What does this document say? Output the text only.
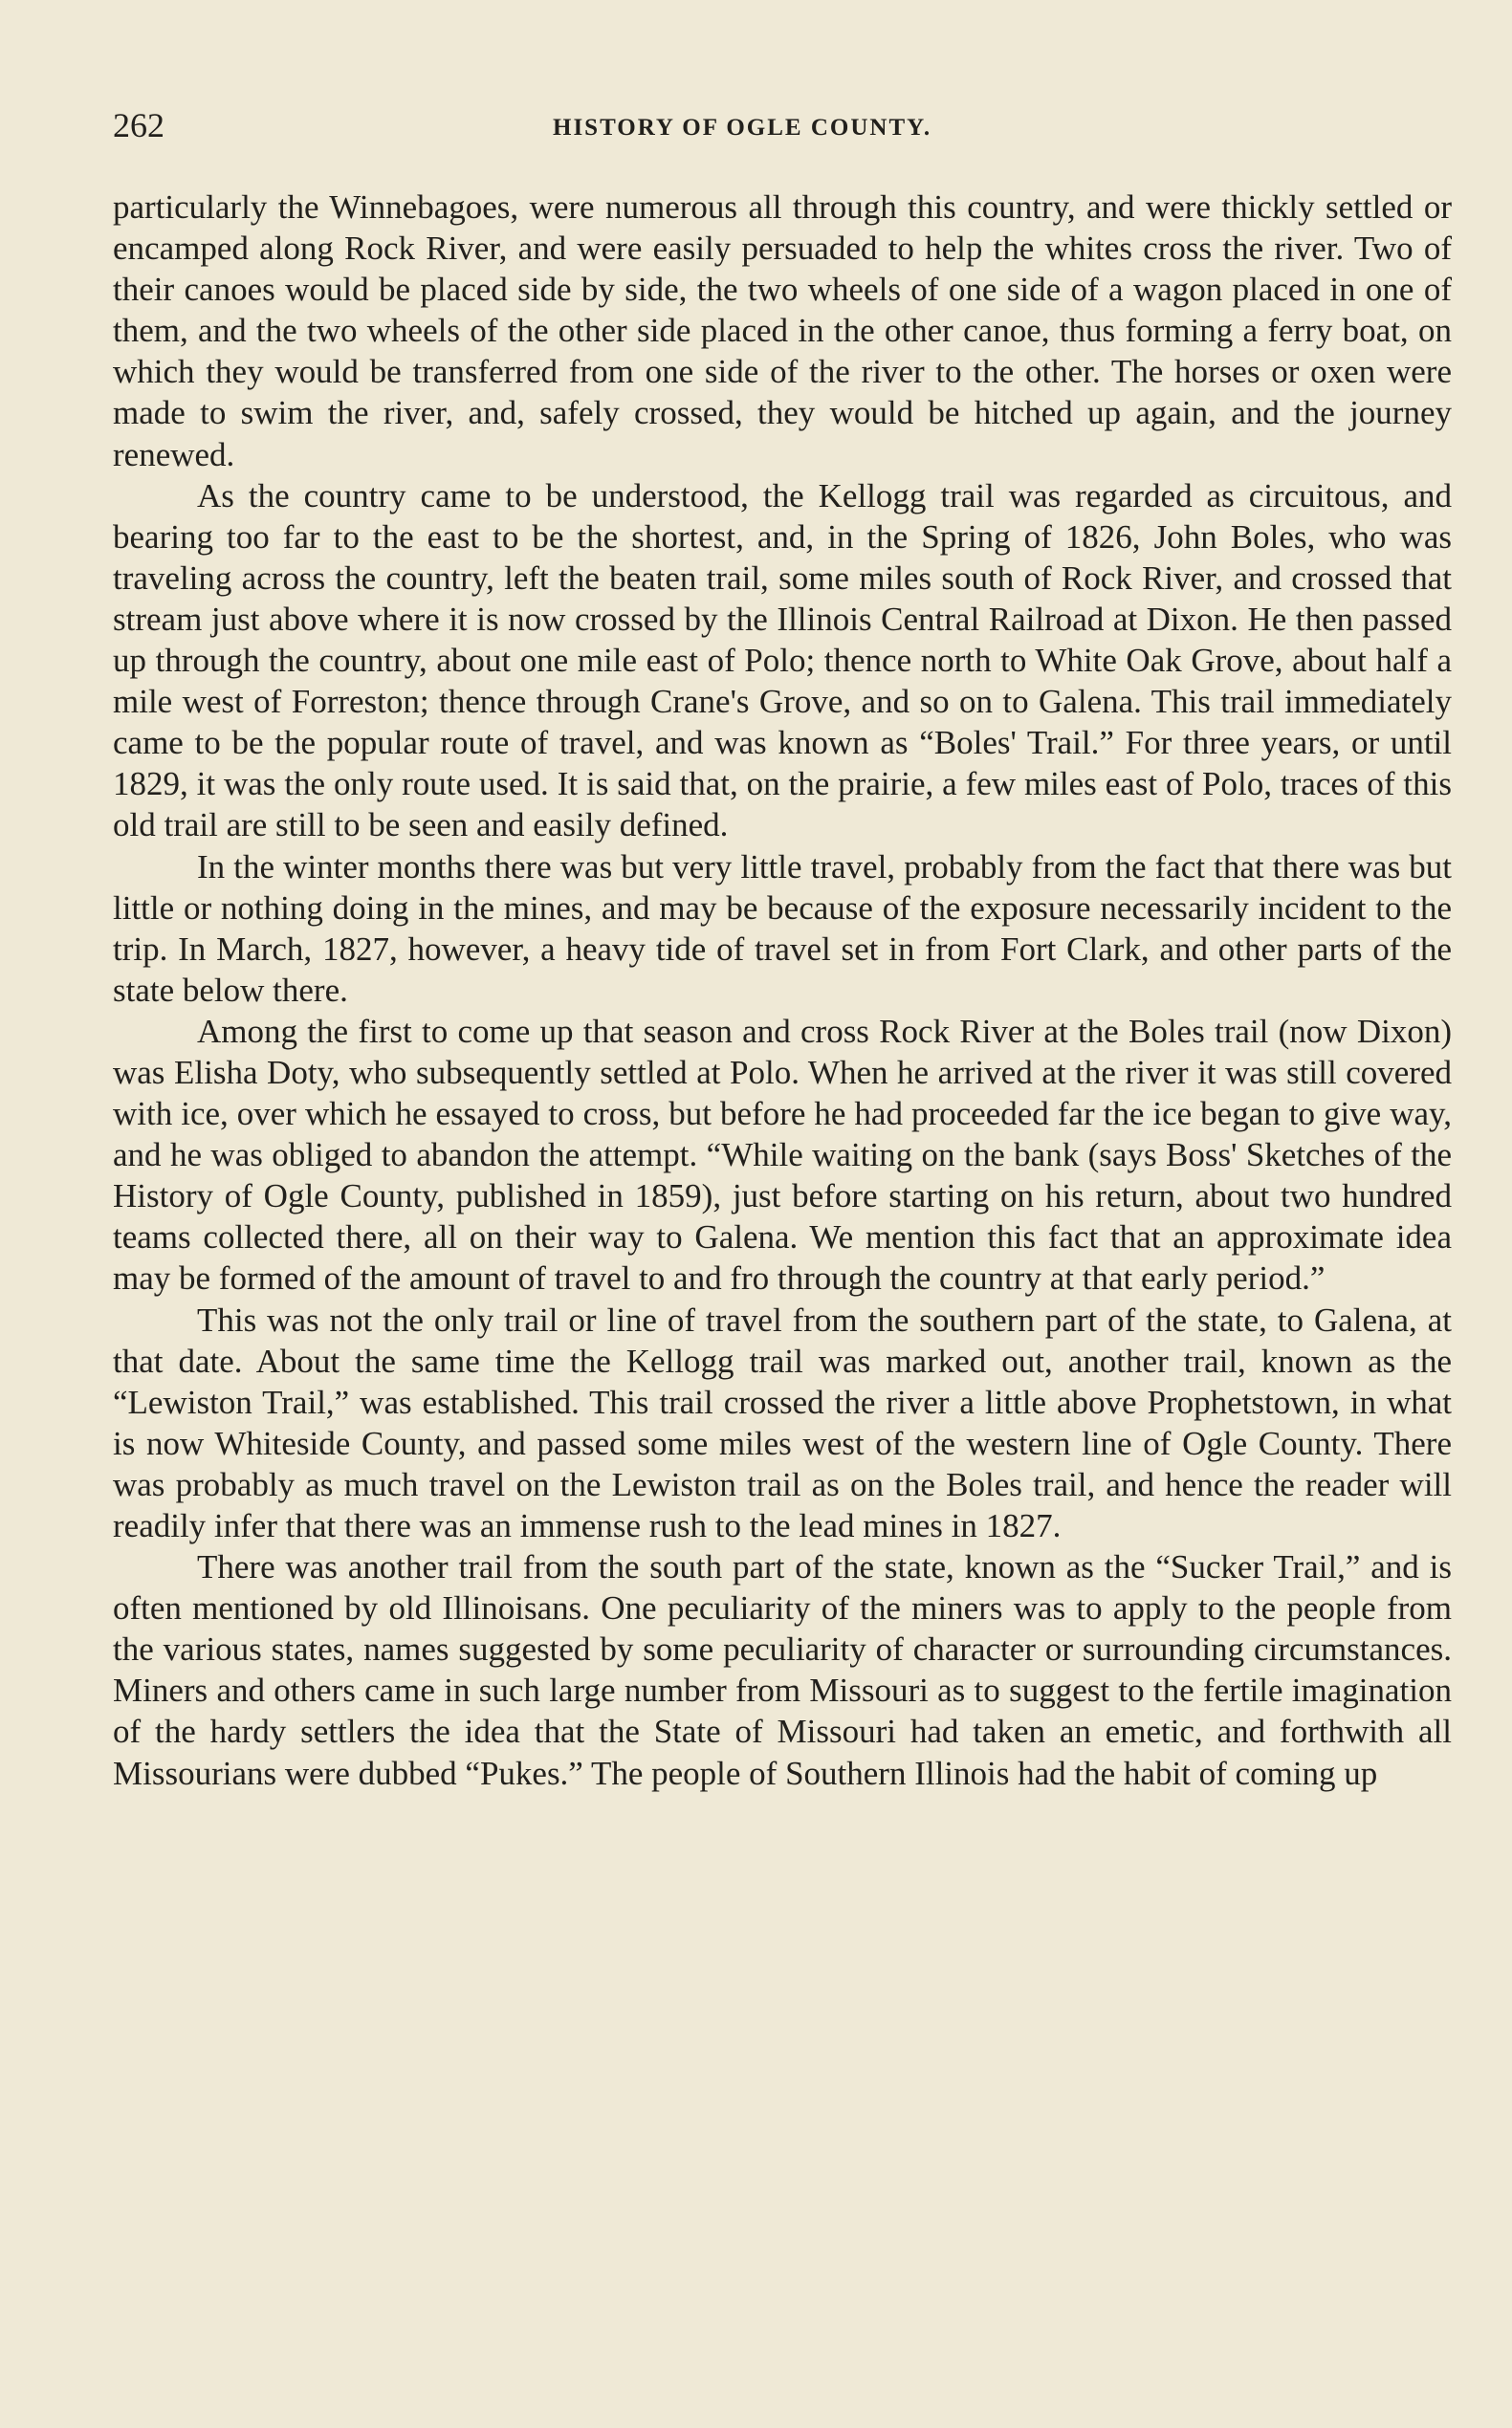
262	HISTORY OF OGLE COUNTY.

particularly the Winnebagoes, were numerous all through this country, and were thickly settled or encamped along Rock River, and were easily persuaded to help the whites cross the river. Two of their canoes would be placed side by side, the two wheels of one side of a wagon placed in one of them, and the two wheels of the other side placed in the other canoe, thus forming a ferry boat, on which they would be transferred from one side of the river to the other. The horses or oxen were made to swim the river, and, safely crossed, they would be hitched up again, and the journey renewed.

As the country came to be understood, the Kellogg trail was regarded as circuitous, and bearing too far to the east to be the shortest, and, in the Spring of 1826, John Boles, who was traveling across the country, left the beaten trail, some miles south of Rock River, and crossed that stream just above where it is now crossed by the Illinois Central Railroad at Dixon. He then passed up through the country, about one mile east of Polo; thence north to White Oak Grove, about half a mile west of Forreston; thence through Crane's Grove, and so on to Galena. This trail immediately came to be the popular route of travel, and was known as “Boles' Trail.” For three years, or until 1829, it was the only route used. It is said that, on the prairie, a few miles east of Polo, traces of this old trail are still to be seen and easily defined.

In the winter months there was but very little travel, probably from the fact that there was but little or nothing doing in the mines, and may be because of the exposure necessarily incident to the trip. In March, 1827, however, a heavy tide of travel set in from Fort Clark, and other parts of the state below there.

Among the first to come up that season and cross Rock River at the Boles trail (now Dixon) was Elisha Doty, who subsequently settled at Polo. When he arrived at the river it was still covered with ice, over which he essayed to cross, but before he had proceeded far the ice began to give way, and he was obliged to abandon the attempt. “While waiting on the bank (says Boss' Sketches of the History of Ogle County, published in 1859), just before starting on his return, about two hundred teams collected there, all on their way to Galena. We mention this fact that an approximate idea may be formed of the amount of travel to and fro through the country at that early period.”

This was not the only trail or line of travel from the southern part of the state, to Galena, at that date. About the same time the Kellogg trail was marked out, another trail, known as the “Lewiston Trail,” was established. This trail crossed the river a little above Prophetstown, in what is now Whiteside County, and passed some miles west of the western line of Ogle County. There was probably as much travel on the Lewiston trail as on the Boles trail, and hence the reader will readily infer that there was an immense rush to the lead mines in 1827.

There was another trail from the south part of the state, known as the “Sucker Trail,” and is often mentioned by old Illinoisans. One peculiarity of the miners was to apply to the people from the various states, names suggested by some peculiarity of character or surrounding circumstances. Miners and others came in such large number from Missouri as to suggest to the fertile imagination of the hardy settlers the idea that the State of Missouri had taken an emetic, and forthwith all Missourians were dubbed “Pukes.” The people of Southern Illinois had the habit of coming up
